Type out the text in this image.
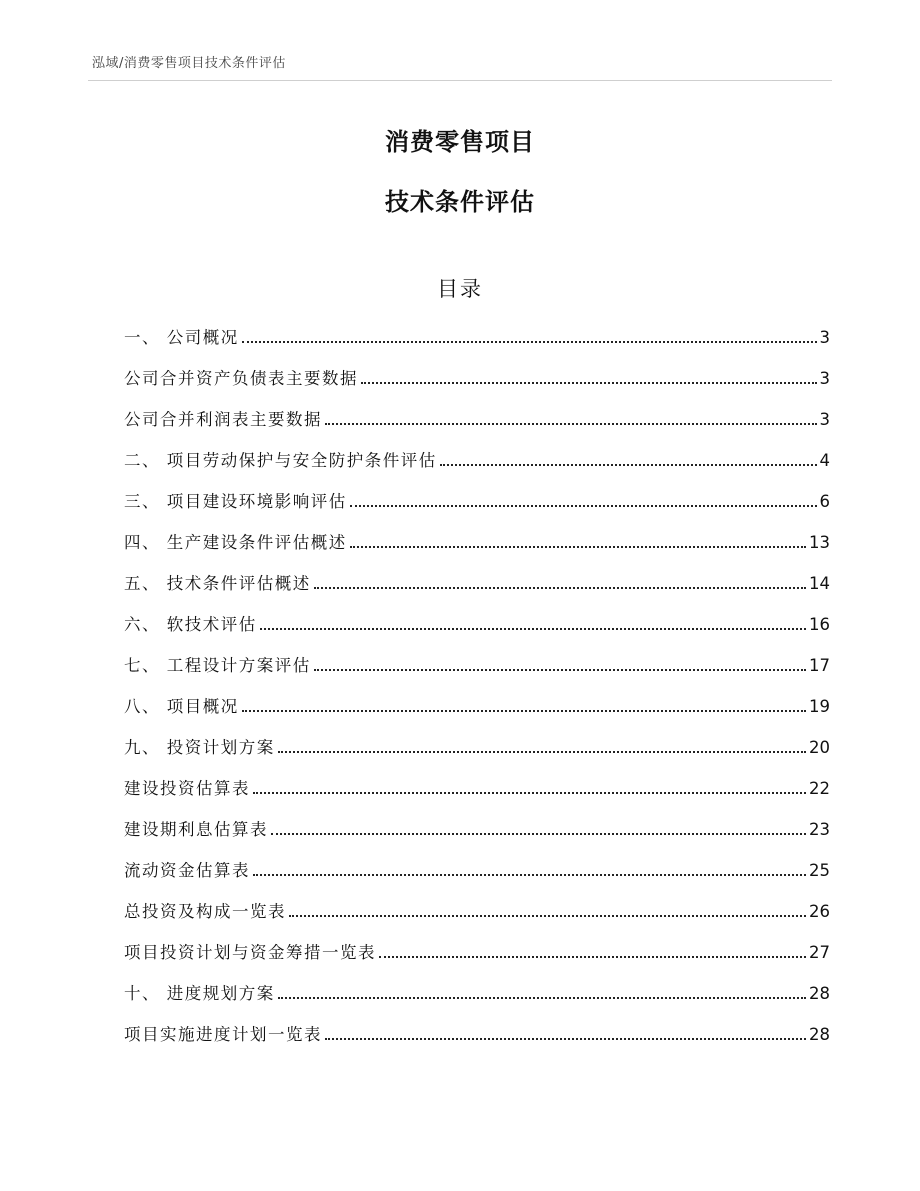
泓域/消费零售项目技术条件评估
消费零售项目
技术条件评估
目录
一、 公司概况	3
公司合并资产负债表主要数据	3
公司合并利润表主要数据	3
二、 项目劳动保护与安全防护条件评估	4
三、 项目建设环境影响评估	6
四、 生产建设条件评估概述	13
五、 技术条件评估概述	14
六、 软技术评估	16
七、 工程设计方案评估	17
八、 项目概况	19
九、 投资计划方案	20
建设投资估算表	22
建设期利息估算表	23
流动资金估算表	25
总投资及构成一览表	26
项目投资计划与资金筹措一览表	27
十、 进度规划方案	28
项目实施进度计划一览表	28
